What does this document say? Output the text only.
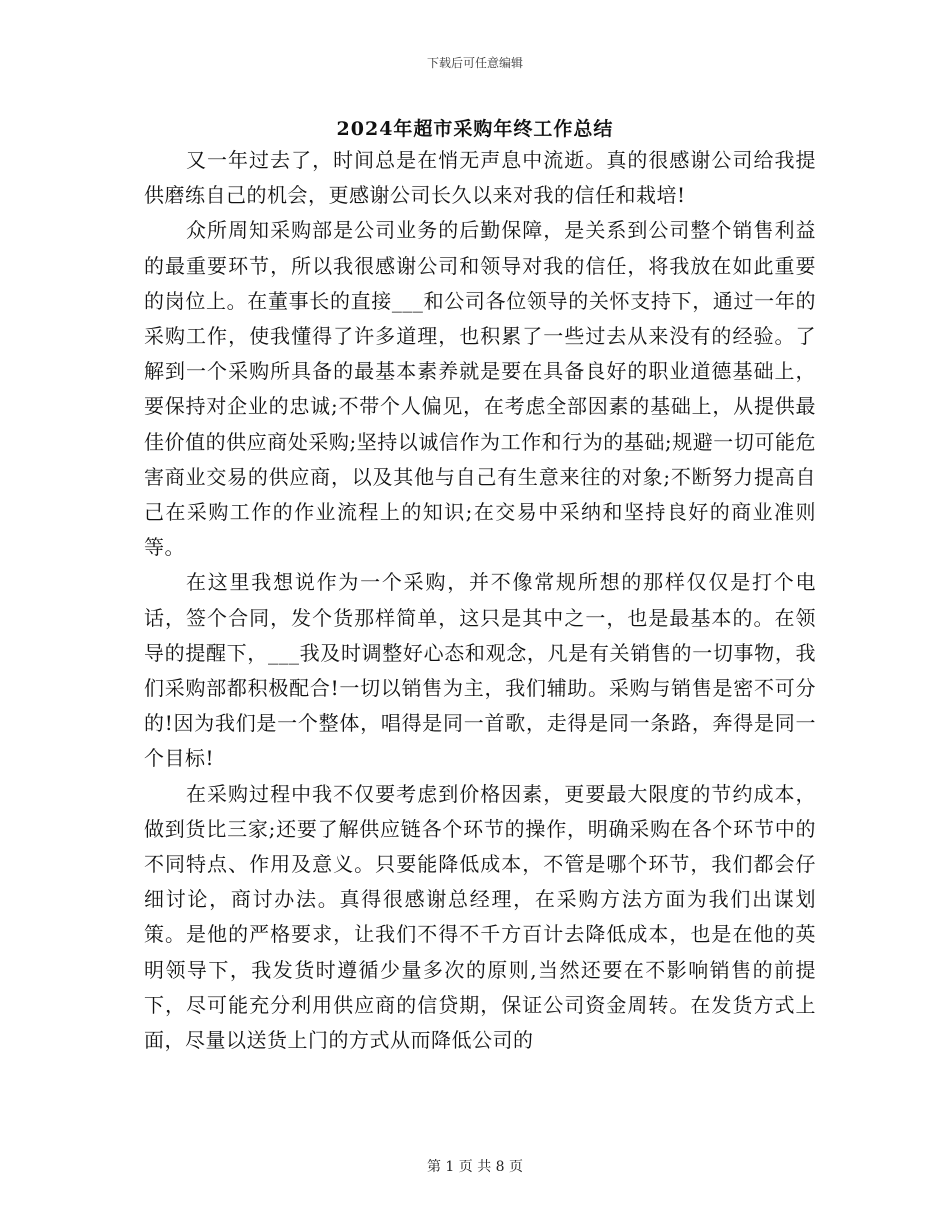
下载后可任意编辑
2024年超市采购年终工作总结

又一年过去了，时间总是在悄无声息中流逝。真的很感谢公司给我提供磨练自己的机会，更感谢公司长久以来对我的信任和栽培!

众所周知采购部是公司业务的后勤保障，是关系到公司整个销售利益的最重要环节，所以我很感谢公司和领导对我的信任，将我放在如此重要的岗位上。在董事长的直接___和公司各位领导的关怀支持下，通过一年的采购工作，使我懂得了许多道理，也积累了一些过去从来没有的经验。了解到一个采购所具备的最基本素养就是要在具备良好的职业道德基础上，要保持对企业的忠诚;不带个人偏见，在考虑全部因素的基础上，从提供最佳价值的供应商处采购;坚持以诚信作为工作和行为的基础;规避一切可能危害商业交易的供应商，以及其他与自己有生意来往的对象;不断努力提高自己在采购工作的作业流程上的知识;在交易中采纳和坚持良好的商业准则等。

在这里我想说作为一个采购，并不像常规所想的那样仅仅是打个电话，签个合同，发个货那样简单，这只是其中之一，也是最基本的。在领导的提醒下，___我及时调整好心态和观念，凡是有关销售的一切事物，我们采购部都积极配合!一切以销售为主，我们辅助。采购与销售是密不可分的!因为我们是一个整体，唱得是同一首歌，走得是同一条路，奔得是同一个目标!

在采购过程中我不仅要考虑到价格因素，更要最大限度的节约成本，做到货比三家;还要了解供应链各个环节的操作，明确采购在各个环节中的不同特点、作用及意义。只要能降低成本，不管是哪个环节，我们都会仔细讨论，商讨办法。真得很感谢总经理，在采购方法方面为我们出谋划策。是他的严格要求，让我们不得不千方百计去降低成本，也是在他的英明领导下，我发货时遵循少量多次的原则,当然还要在不影响销售的前提下，尽可能充分利用供应商的信贷期，保证公司资金周转。在发货方式上面，尽量以送货上门的方式从而降低公司的

第 1 页 共 8 页
